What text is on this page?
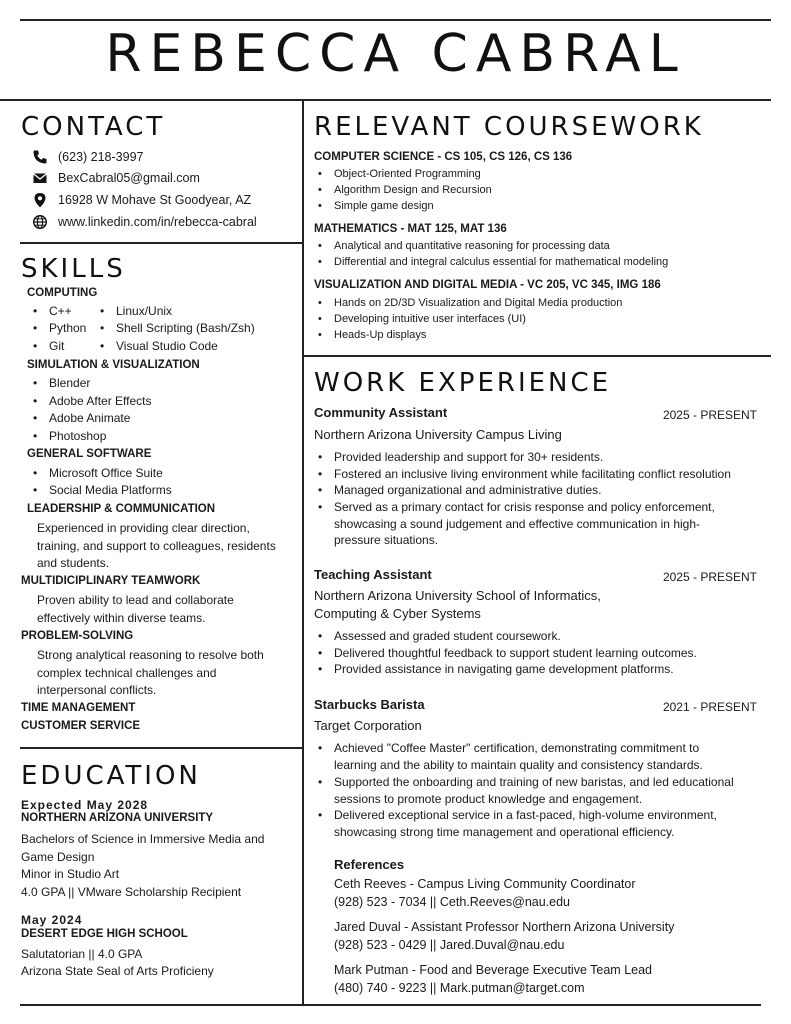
REBECCA CABRAL
CONTACT
(623) 218-3997
BexCabral05@gmail.com
16928 W Mohave St Goodyear, AZ
www.linkedin.com/in/rebecca-cabral
SKILLS
COMPUTING
• C++
• Python
• Git
• Linux/Unix
• Shell Scripting (Bash/Zsh)
• Visual Studio Code
SIMULATION & VISUALIZATION
• Blender
• Adobe After Effects
• Adobe Animate
• Photoshop
GENERAL SOFTWARE
• Microsoft Office Suite
• Social Media Platforms
LEADERSHIP & COMMUNICATION
Experienced in providing clear direction,
training, and support to colleagues, residents
and students.
MULTIDICIPLINARY TEAMWORK
Proven ability to lead and collaborate
effectively within diverse teams.
PROBLEM-SOLVING
Strong analytical reasoning to resolve both
complex technical challenges and
interpersonal conflicts.
TIME MANAGEMENT
CUSTOMER SERVICE
EDUCATION
Expected May 2028
NORTHERN ARIZONA UNIVERSITY
Bachelors of Science in Immersive Media and
Game Design
Minor in Studio Art
4.0 GPA || VMware Scholarship Recipient
May 2024
DESERT EDGE HIGH SCHOOL
Salutatorian || 4.0 GPA
Arizona State Seal of Arts Proficieny
RELEVANT COURSEWORK
COMPUTER SCIENCE - CS 105, CS 126, CS 136
• Object-Oriented Programming
• Algorithm Design and Recursion
• Simple game design
MATHEMATICS - MAT 125, MAT 136
• Analytical and quantitative reasoning for processing data
• Differential and integral calculus essential for mathematical modeling
VISUALIZATION AND DIGITAL MEDIA - VC 205, VC 345, IMG 186
• Hands on 2D/3D Visualization and Digital Media production
• Developing intuitive user interfaces (UI)
• Heads-Up displays
WORK EXPERIENCE
Community Assistant	2025 - PRESENT
Northern Arizona University Campus Living
• Provided leadership and support for 30+ residents.
• Fostered an inclusive living environment while facilitating conflict resolution
• Managed organizational and administrative duties.
• Served as a primary contact for crisis response and policy enforcement, showcasing a sound judgement and effective communication in high-pressure situations.
Teaching Assistant	2025 - PRESENT
Northern Arizona University School of Informatics,
Computing & Cyber Systems
• Assessed and graded student coursework.
• Delivered thoughtful feedback to support student learning outcomes.
• Provided assistance in navigating game development platforms.
Starbucks Barista	2021 - PRESENT
Target Corporation
• Achieved "Coffee Master" certification, demonstrating commitment to learning and the ability to maintain quality and consistency standards.
• Supported the onboarding and training of new baristas, and led educational sessions to promote product knowledge and engagement.
• Delivered exceptional service in a fast-paced, high-volume environment, showcasing strong time management and operational efficiency.
References
Ceth Reeves - Campus Living Community Coordinator
(928) 523 - 7034 || Ceth.Reeves@nau.edu
Jared Duval - Assistant Professor Northern Arizona University
(928) 523 - 0429 || Jared.Duval@nau.edu
Mark Putman - Food and Beverage Executive Team Lead
(480) 740 - 9223 || Mark.putman@target.com
